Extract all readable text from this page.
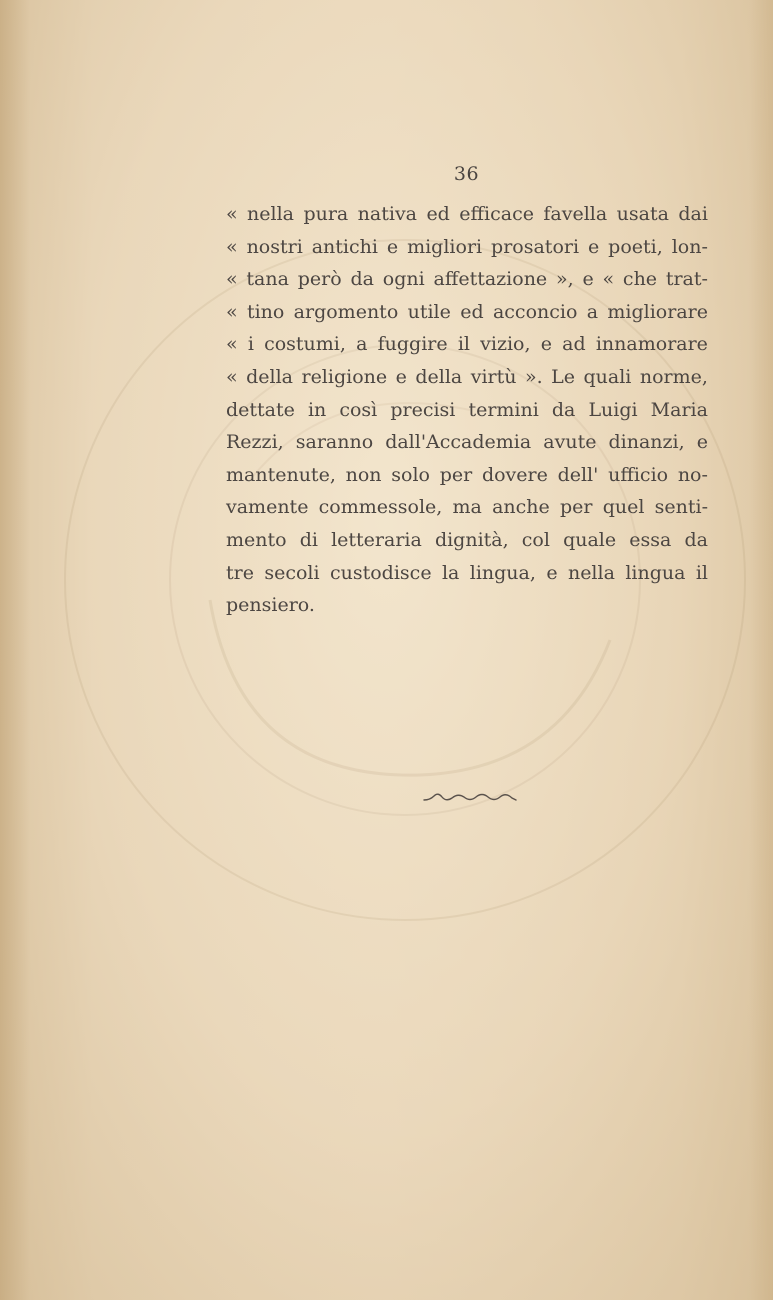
36
« nella pura nativa ed efficace favella usata dai
« nostri antichi e migliori prosatori e poeti, lon-
« tana però da ogni affettazione », e « che trat-
« tino argomento utile ed acconcio a migliorare
« i costumi, a fuggire il vizio, e ad innamorare
« della religione e della virtù ». Le quali norme,
dettate in così precisi termini da Luigi Maria
Rezzi, saranno dall'Accademia avute dinanzi, e
mantenute, non solo per dovere dell' ufficio no-
vamente commessole, ma anche per quel senti-
mento di letteraria dignità, col quale essa da
tre secoli custodisce la lingua, e nella lingua il
pensiero.
